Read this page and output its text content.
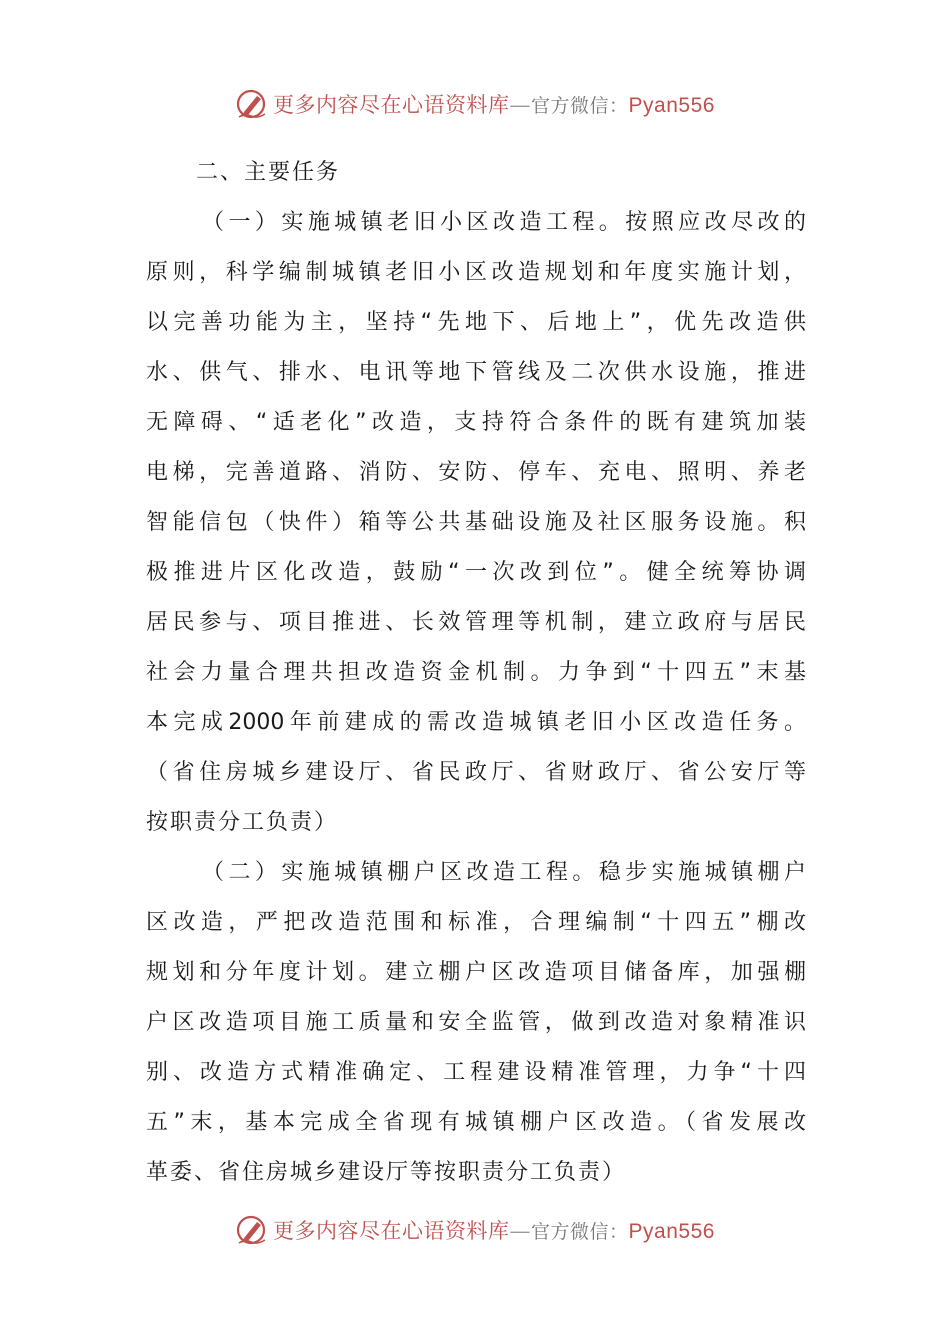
更多内容尽在心语资料库—官方微信：Pyan556
二、主要任务
（一）实施城镇老旧小区改造工程。按照应改尽改的
原则，科学编制城镇老旧小区改造规划和年度实施计划，
以完善功能为主，坚持“先地下、后地上”，优先改造供
水、供气、排水、电讯等地下管线及二次供水设施，推进
无障碍、“适老化”改造，支持符合条件的既有建筑加装
电梯，完善道路、消防、安防、停车、充电、照明、养老
智能信包（快件）箱等公共基础设施及社区服务设施。积
极推进片区化改造，鼓励“一次改到位”。健全统筹协调
居民参与、项目推进、长效管理等机制，建立政府与居民
社会力量合理共担改造资金机制。力争到“十四五”末基
本完成2000年前建成的需改造城镇老旧小区改造任务。
（省住房城乡建设厅、省民政厅、省财政厅、省公安厅等
按职责分工负责）
（二）实施城镇棚户区改造工程。稳步实施城镇棚户
区改造，严把改造范围和标准，合理编制“十四五”棚改
规划和分年度计划。建立棚户区改造项目储备库，加强棚
户区改造项目施工质量和安全监管，做到改造对象精准识
别、改造方式精准确定、工程建设精准管理，力争“十四
五”末，基本完成全省现有城镇棚户区改造。（省发展改
革委、省住房城乡建设厅等按职责分工负责）
更多内容尽在心语资料库—官方微信：Pyan556
